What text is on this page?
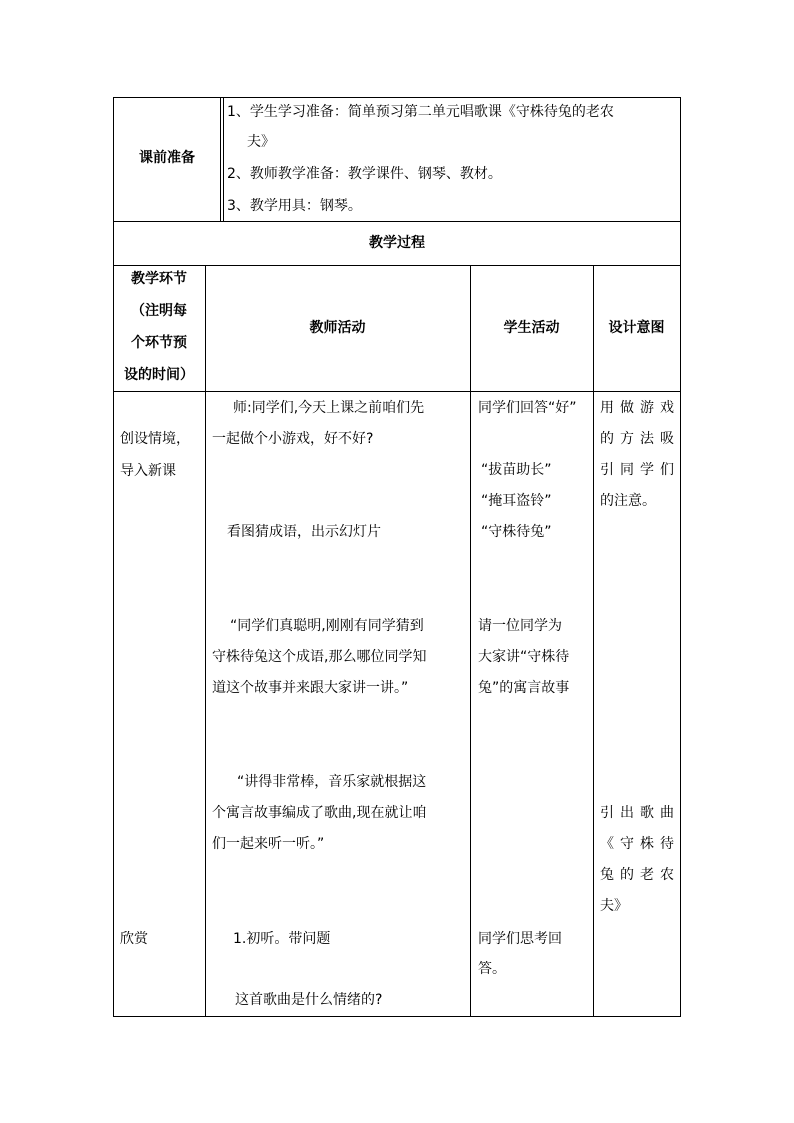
课前准备
1、学生学习准备：简单预习第二单元唱歌课《守株待兔的老农
夫》
2、教师教学准备：教学课件、钢琴、教材。
3、教学用具：钢琴。
教学过程
教学环节
（注明每
个环节预
设的时间）
教师活动	学生活动	设计意图
创设情境，
导入新课
欣赏
师:同学们,今天上课之前咱们先
一起做个小游戏，好不好?
看图猜成语，出示幻灯片
“同学们真聪明,刚刚有同学猜到
守株待兔这个成语,那么哪位同学知
道这个故事并来跟大家讲一讲。”
“讲得非常棒，音乐家就根据这
个寓言故事编成了歌曲,现在就让咱
们一起来听一听。”
1.初听。带问题
这首歌曲是什么情绪的?
同学们回答“好”
“拔苗助长”
“掩耳盗铃”
“守株待兔”
请一位同学为
大家讲“守株待
兔”的寓言故事
同学们思考回
答。
用做游戏
的方法吸
引同学们
的注意。
引出歌曲
《守株待
兔的老农
夫》
